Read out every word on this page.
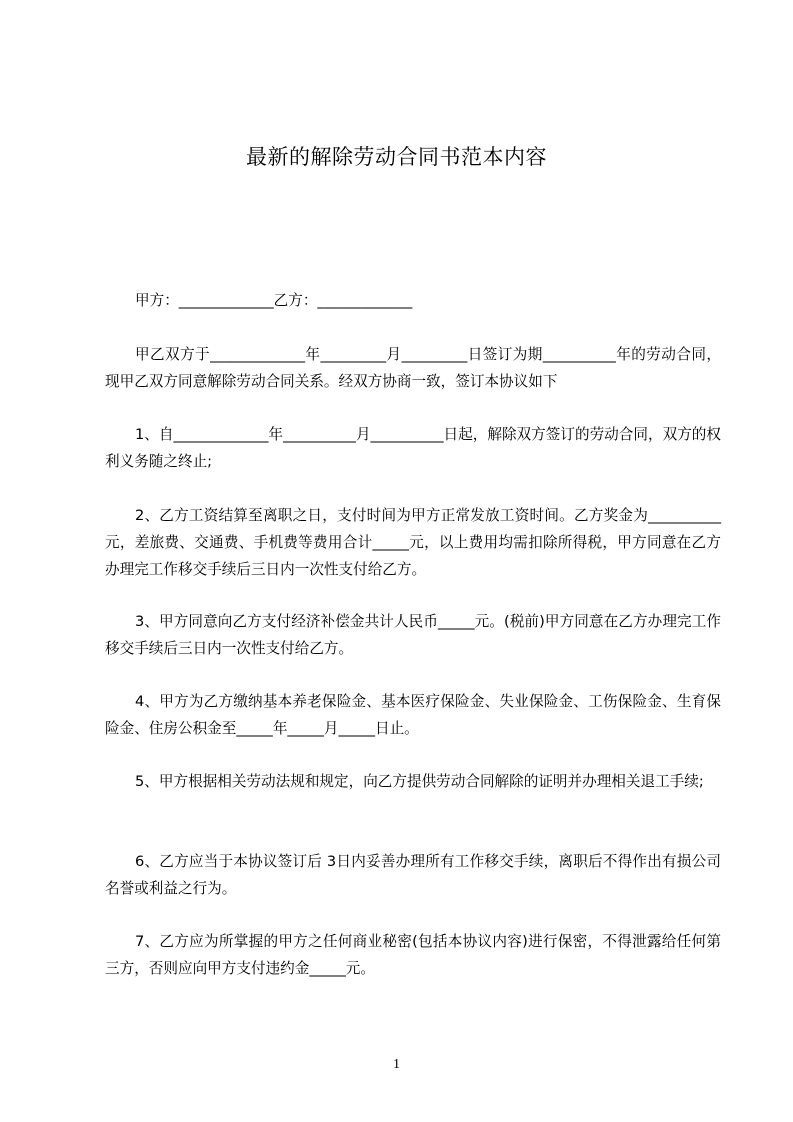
最新的解除劳动合同书范本内容
甲方：_____________乙方：_____________
甲乙双方于_____________年_________月_________日签订为期__________年的劳动合同，现甲乙双方同意解除劳动合同关系。经双方协商一致，签订本协议如下
1、自_____________年__________月__________日起，解除双方签订的劳动合同，双方的权利义务随之终止;
2、乙方工资结算至离职之日，支付时间为甲方正常发放工资时间。乙方奖金为__________元，差旅费、交通费、手机费等费用合计_____元，以上费用均需扣除所得税，甲方同意在乙方办理完工作移交手续后三日内一次性支付给乙方。
3、甲方同意向乙方支付经济补偿金共计人民币_____元。(税前)甲方同意在乙方办理完工作移交手续后三日内一次性支付给乙方。
4、甲方为乙方缴纳基本养老保险金、基本医疗保险金、失业保险金、工伤保险金、生育保险金、住房公积金至_____年_____月_____日止。
5、甲方根据相关劳动法规和规定，向乙方提供劳动合同解除的证明并办理相关退工手续;
6、乙方应当于本协议签订后 3日内妥善办理所有工作移交手续，离职后不得作出有损公司名誉或利益之行为。
7、乙方应为所掌握的甲方之任何商业秘密(包括本协议内容)进行保密，不得泄露给任何第三方，否则应向甲方支付违约金_____元。
1
